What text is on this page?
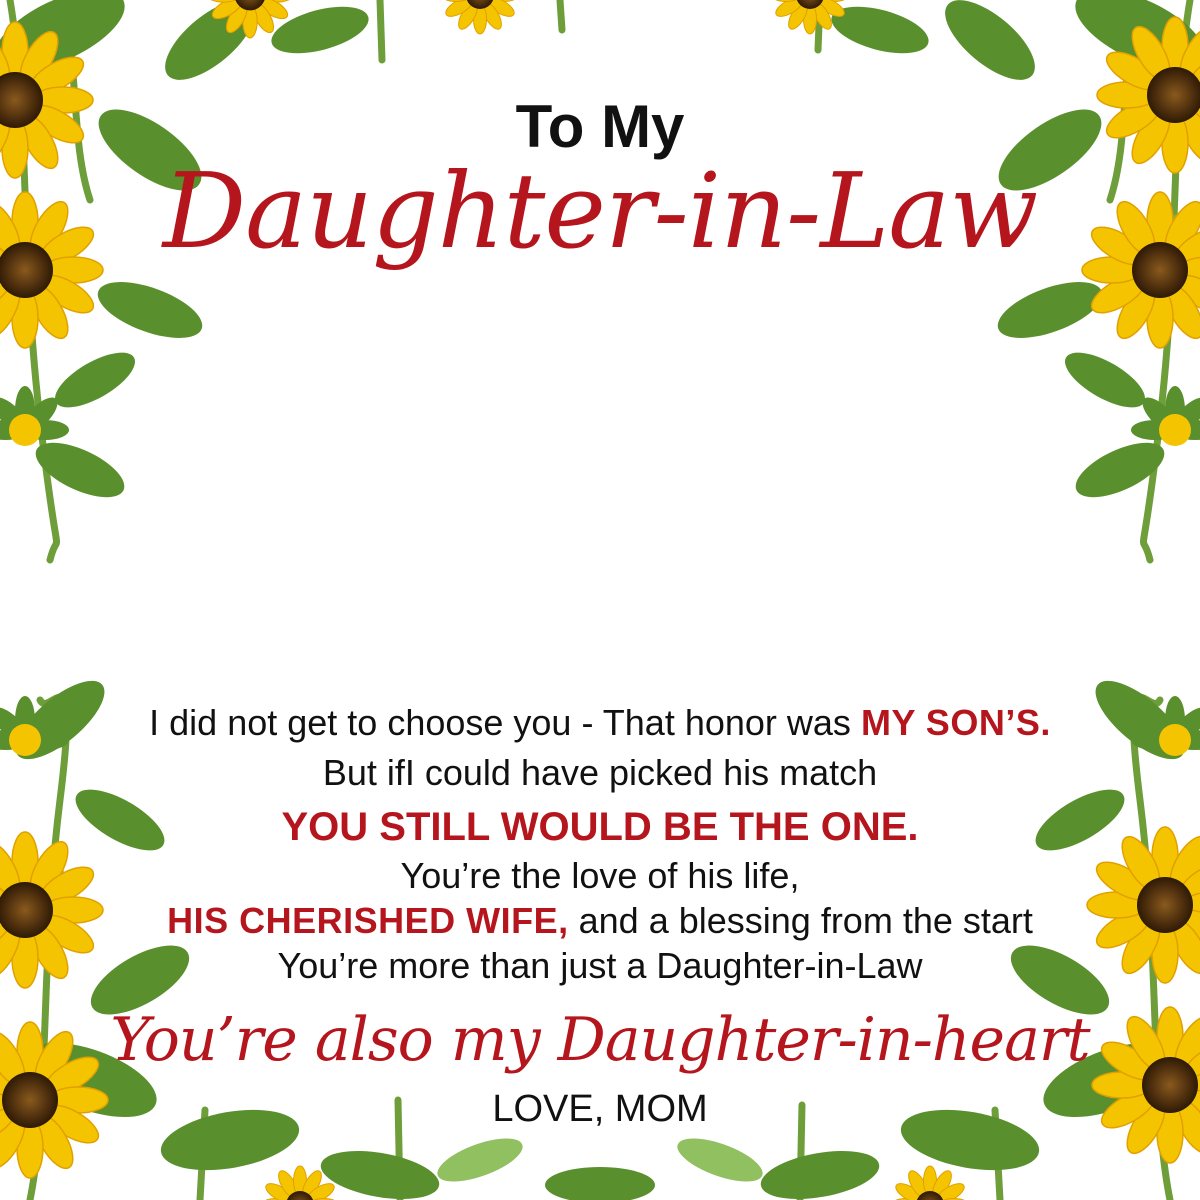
To My
Daughter-in-Law
I did not get to choose you - That honor was MY SON’S.
But ifI could have picked his match
YOU STILL WOULD BE THE ONE.
You’re the love of his life,
HIS CHERISHED WIFE, and a blessing from the start
You’re more than just a Daughter-in-Law
You’re also my Daughter-in-heart
LOVE, MOM
